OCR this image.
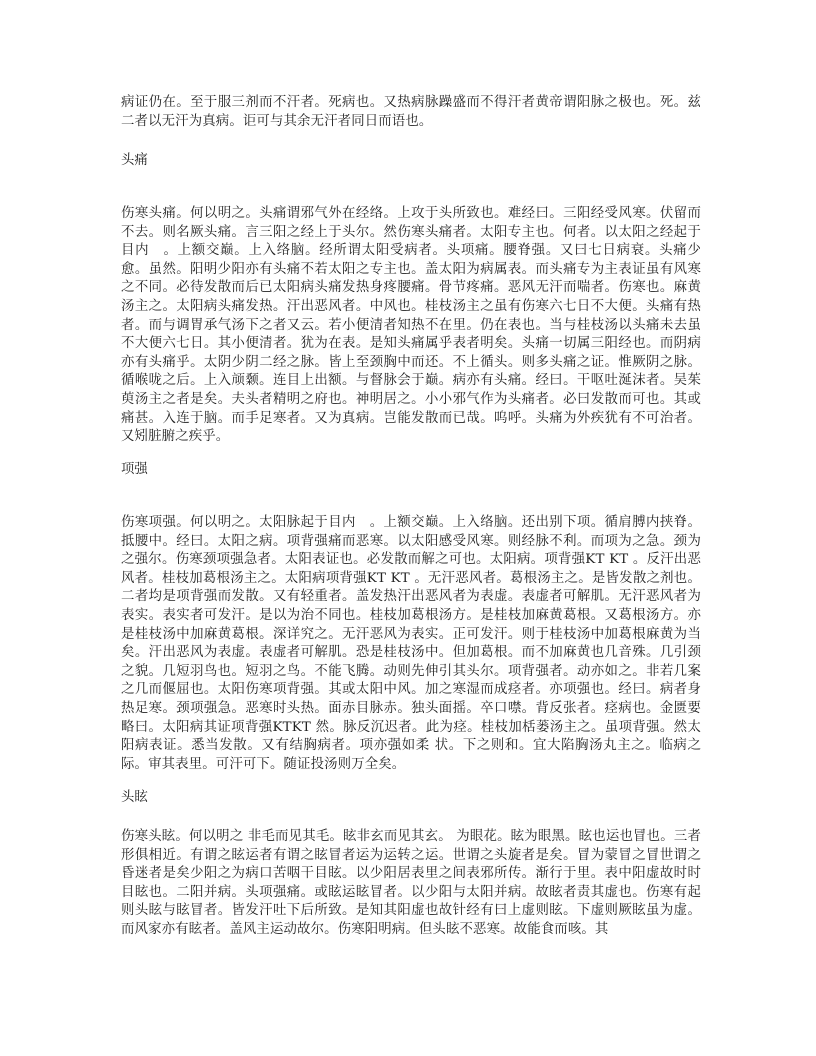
病证仍在。至于服三剂而不汗者。死病也。又热病脉躁盛而不得汗者黄帝谓阳脉之极也。死。兹二者以无汗为真病。讵可与其余无汗者同日而语也。

头痛

伤寒头痛。何以明之。头痛谓邪气外在经络。上攻于头所致也。难经曰。三阳经受风寒。伏留而不去。则名厥头痛。言三阳之经上于头尔。然伤寒头痛者。太阳专主也。何者。以太阳之经起于目内　。上额交巅。上入络脑。经所谓太阳受病者。头项痛。腰脊强。又曰七日病衰。头痛少愈。虽然。阳明少阳亦有头痛不若太阳之专主也。盖太阳为病属表。而头痛专为主表证虽有风寒之不同。必待发散而后已太阳病头痛发热身疼腰痛。骨节疼痛。恶风无汗而喘者。伤寒也。麻黄汤主之。太阳病头痛发热。汗出恶风者。中风也。桂枝汤主之虽有伤寒六七日不大便。头痛有热者。而与调胃承气汤下之者又云。若小便清者知热不在里。仍在表也。当与桂枝汤以头痛未去虽不大便六七日。其小便清者。犹为在表。是知头痛属乎表者明矣。头痛一切属三阳经也。而阴病亦有头痛乎。太阴少阴二经之脉。皆上至颈胸中而还。不上循头。则多头痛之证。惟厥阴之脉。循喉咙之后。上入颃颡。连目上出额。与督脉会于巅。病亦有头痛。经曰。干呕吐涎沫者。吴茱萸汤主之者是矣。夫头者精明之府也。神明居之。小小邪气作为头痛者。必曰发散而可也。其或痛甚。入连于脑。而手足寒者。又为真病。岂能发散而已哉。呜呼。头痛为外疾犹有不可治者。又矧脏腑之疾乎。

项强

伤寒项强。何以明之。太阳脉起于目内　。上额交巅。上入络脑。还出别下项。循肩膊内挟脊。抵腰中。经曰。太阳之病。项背强痛而恶寒。以太阳感受风寒。则经脉不利。而项为之急。颈为之强尔。伤寒颈项强急者。太阳表证也。必发散而解之可也。太阳病。项背强KT KT 。反汗出恶风者。桂枝加葛根汤主之。太阳病项背强KT KT 。无汗恶风者。葛根汤主之。是皆发散之剂也。二者均是项背强而发散。又有轻重者。盖发热汗出恶风者为表虚。表虚者可解肌。无汗恶风者为表实。表实者可发汗。是以为治不同也。桂枝加葛根汤方。是桂枝加麻黄葛根。又葛根汤方。亦是桂枝汤中加麻黄葛根。深详究之。无汗恶风为表实。正可发汗。则于桂枝汤中加葛根麻黄为当矣。汗出恶风为表虚。表虚者可解肌。恐是桂枝汤中。但加葛根。而不加麻黄也几音殊。几引颈之貌。几短羽鸟也。短羽之鸟。不能飞腾。动则先伸引其头尔。项背强者。动亦如之。非若几案之几而偃屈也。太阳伤寒项背强。其或太阳中风。加之寒湿而成痉者。亦项强也。经曰。病者身热足寒。颈项强急。恶寒时头热。面赤目脉赤。独头面摇。卒口噤。背反张者。痉病也。金匮要略曰。太阳病其证项背强KTKT 然。脉反沉迟者。此为痉。桂枝加栝蒌汤主之。虽项背强。然太阳病表证。悉当发散。又有结胸病者。项亦强如柔 状。下之则和。宜大陷胸汤丸主之。临病之际。审其表里。可汗可下。随证投汤则万全矣。

头眩

伤寒头眩。何以明之 非毛而见其毛。眩非玄而见其玄。 为眼花。眩为眼黑。眩也运也冒也。三者形俱相近。有谓之眩运者有谓之眩冒者运为运转之运。世谓之头旋者是矣。冒为蒙冒之冒世谓之昏迷者是矣少阳之为病口苦咽干目眩。以少阳居表里之间表邪所传。渐行于里。表中阳虚故时时目眩也。二阳并病。头项强痛。或眩运眩冒者。以少阳与太阳并病。故眩者责其虚也。伤寒有起则头眩与眩冒者。皆发汗吐下后所致。是知其阳虚也故针经有曰上虚则眩。下虚则厥眩虽为虚。而风家亦有眩者。盖风主运动故尔。伤寒阳明病。但头眩不恶寒。故能食而咳。其
